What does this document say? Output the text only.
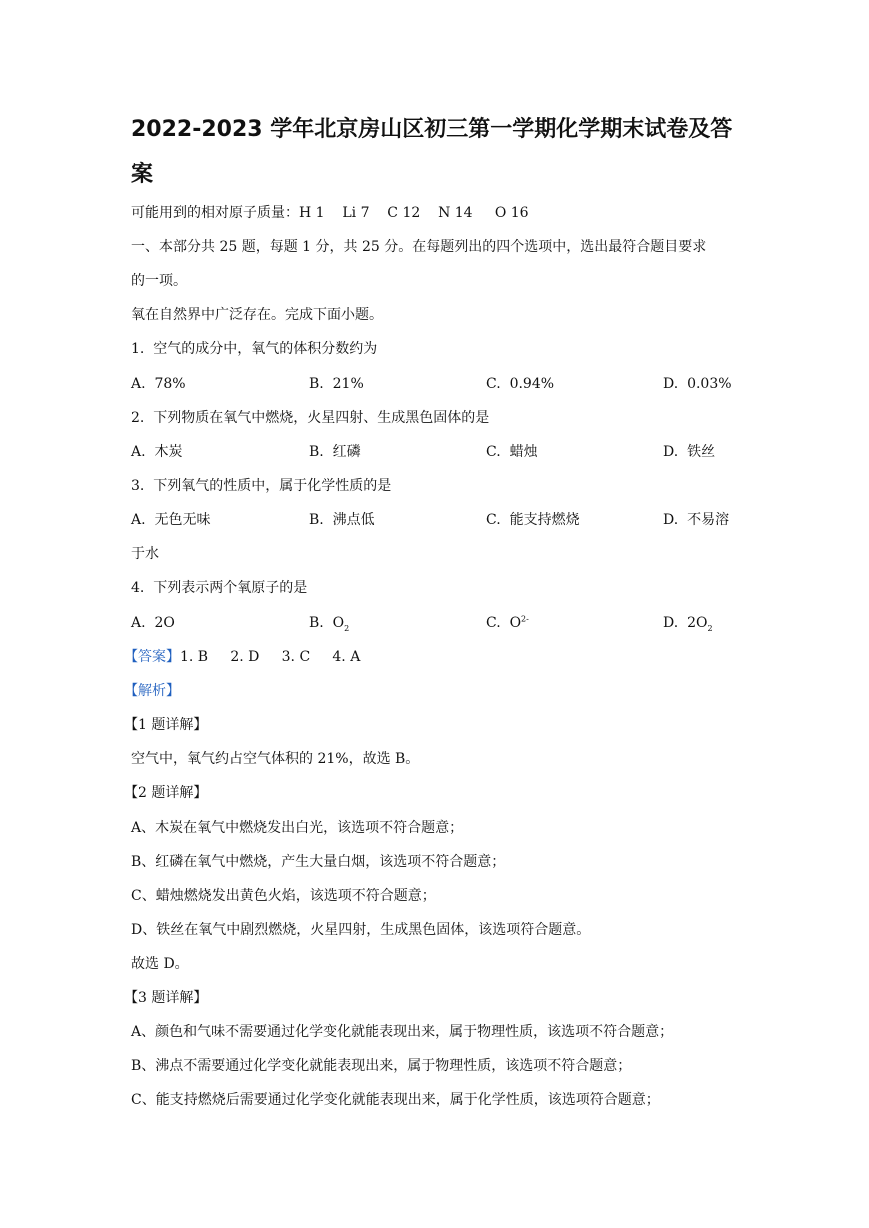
2022-2023 学年北京房山区初三第一学期化学期末试卷及答
案
可能用到的相对原子质量：H 1    Li 7    C 12    N 14     O 16
一、本部分共 25 题，每题 1 分，共 25 分。在每题列出的四个选项中，选出最符合题目要求
的一项。
氧在自然界中广泛存在。完成下面小题。
1.  空气的成分中，氧气的体积分数约为
A.  78%	B.  21%	C.  0.94%	D.  0.03%
2.  下列物质在氧气中燃烧，火星四射、生成黑色固体的是
A.  木炭	B.  红磷	C.  蜡烛	D.  铁丝
3.  下列氧气的性质中，属于化学性质的是
A.  无色无味	B.  沸点低	C.  能支持燃烧	D.  不易溶
于水
4.  下列表示两个氧原子的是
A.  2O	B.  $O_2$	C.  $O^{2-}$	D.  $2O_2$
【答案】1. B     2. D     3. C     4. A
【解析】
【1 题详解】
空气中，氧气约占空气体积的 21%，故选 B。
【2 题详解】
A、木炭在氧气中燃烧发出白光，该选项不符合题意；
B、红磷在氧气中燃烧，产生大量白烟，该选项不符合题意；
C、蜡烛燃烧发出黄色火焰，该选项不符合题意；
D、铁丝在氧气中剧烈燃烧，火星四射，生成黑色固体，该选项符合题意。
故选 D。
【3 题详解】
A、颜色和气味不需要通过化学变化就能表现出来，属于物理性质，该选项不符合题意；
B、沸点不需要通过化学变化就能表现出来，属于物理性质，该选项不符合题意；
C、能支持燃烧后需要通过化学变化就能表现出来，属于化学性质，该选项符合题意；
